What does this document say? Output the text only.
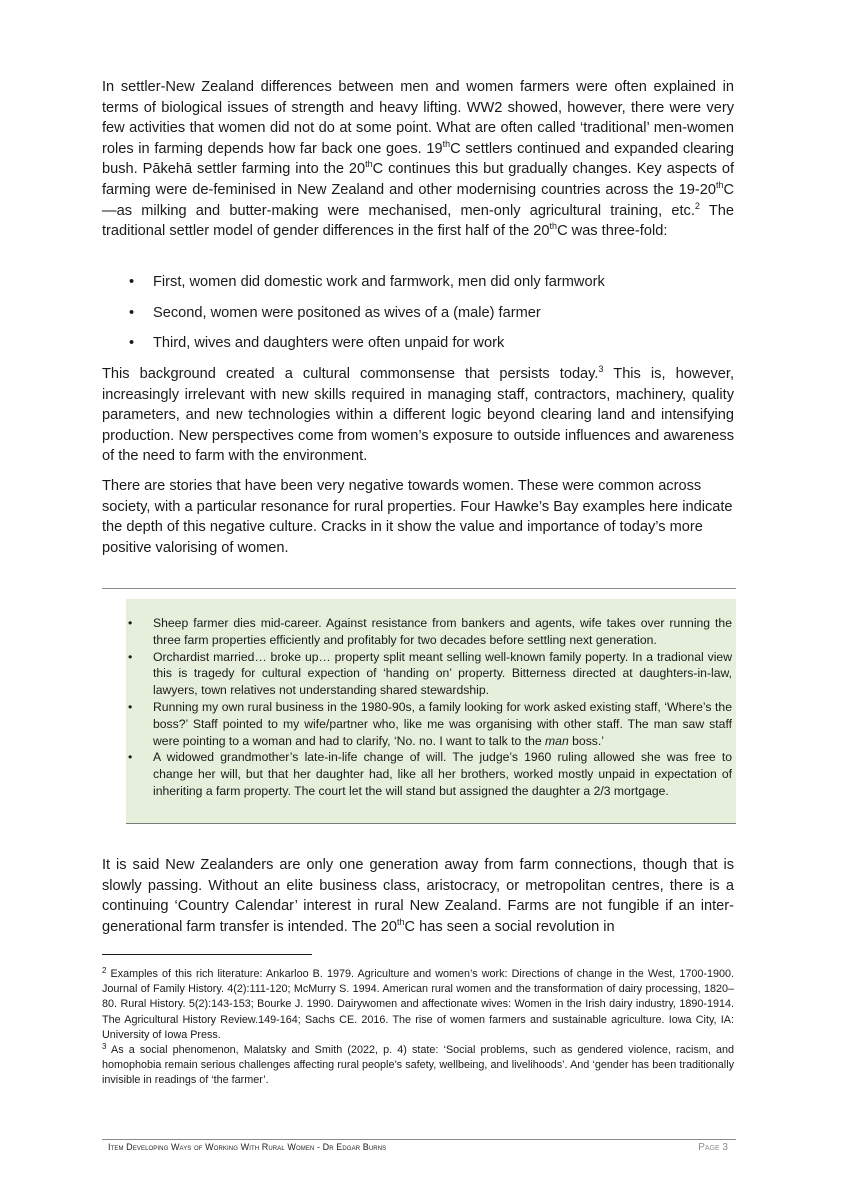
In settler-New Zealand differences between men and women farmers were often explained in terms of biological issues of strength and heavy lifting. WW2 showed, however, there were very few activities that women did not do at some point. What are often called ‘traditional’ men-women roles in farming depends how far back one goes. 19thC settlers continued and expanded clearing bush. Pākehā settler farming into the 20thC continues this but gradually changes. Key aspects of farming were de-feminised in New Zealand and other modernising countries across the 19-20thC—as milking and butter-making were mechanised, men-only agricultural training, etc.$^2$ The traditional settler model of gender differences in the first half of the 20thC was three-fold:

• First, women did domestic work and farmwork, men did only farmwork
• Second, women were positoned as wives of a (male) farmer
• Third, wives and daughters were often unpaid for work

This background created a cultural commonsense that persists today.$^3$ This is, however, increasingly irrelevant with new skills required in managing staff, contractors, machinery, quality parameters, and new technologies within a different logic beyond clearing land and intensifying production. New perspectives come from women’s exposure to outside influences and awareness of the need to farm with the environment.

There are stories that have been very negative towards women. These were common across society, with a particular resonance for rural properties. Four Hawke’s Bay examples here indicate the depth of this negative culture. Cracks in it show the value and importance of today’s more positive valorising of women.

• Sheep farmer dies mid-career. Against resistance from bankers and agents, wife takes over running the three farm properties efficiently and profitably for two decades before settling next generation.
• Orchardist married… broke up… property split meant selling well-known family poperty. In a tradional view this is tragedy for cultural expection of ‘handing on’ property. Bitterness directed at daughters-in-law, lawyers, town relatives not understanding shared stewardship.
• Running my own rural business in the 1980-90s, a family looking for work asked existing staff, ‘Where’s the boss?’ Staff pointed to my wife/partner who, like me was organising with other staff. The man saw staff were pointing to a woman and had to clarify, ‘No. no. I want to talk to the man boss.’
• A widowed grandmother’s late-in-life change of will. The judge’s 1960 ruling allowed she was free to change her will, but that her daughter had, like all her brothers, worked mostly unpaid in expectation of inheriting a farm property. The court let the will stand but assigned the daughter a 2/3 mortgage.

It is said New Zealanders are only one generation away from farm connections, though that is slowly passing. Without an elite business class, aristocracy, or metropolitan centres, there is a continuing ‘Country Calendar’ interest in rural New Zealand. Farms are not fungible if an inter-generational farm transfer is intended. The 20thC has seen a social revolution in

$^2$ Examples of this rich literature: Ankarloo B. 1979. Agriculture and women’s work: Directions of change in the West, 1700-1900. Journal of Family History. 4(2):111-120; McMurry S. 1994. American rural women and the transformation of dairy processing, 1820–80. Rural History. 5(2):143-153; Bourke J. 1990. Dairywomen and affectionate wives: Women in the Irish dairy industry, 1890-1914. The Agricultural History Review.149-164; Sachs CE. 2016. The rise of women farmers and sustainable agriculture. Iowa City, IA: University of Iowa Press.

$^3$ As a social phenomenon, Malatsky and Smith (2022, p. 4) state: ‘Social problems, such as gendered violence, racism, and homophobia remain serious challenges affecting rural people’s safety, wellbeing, and livelihoods’. And ‘gender has been traditionally invisible in readings of ‘the farmer’.

Item Developing Ways of Working With Rural Women - Dr Edgar Burns	Page 3
